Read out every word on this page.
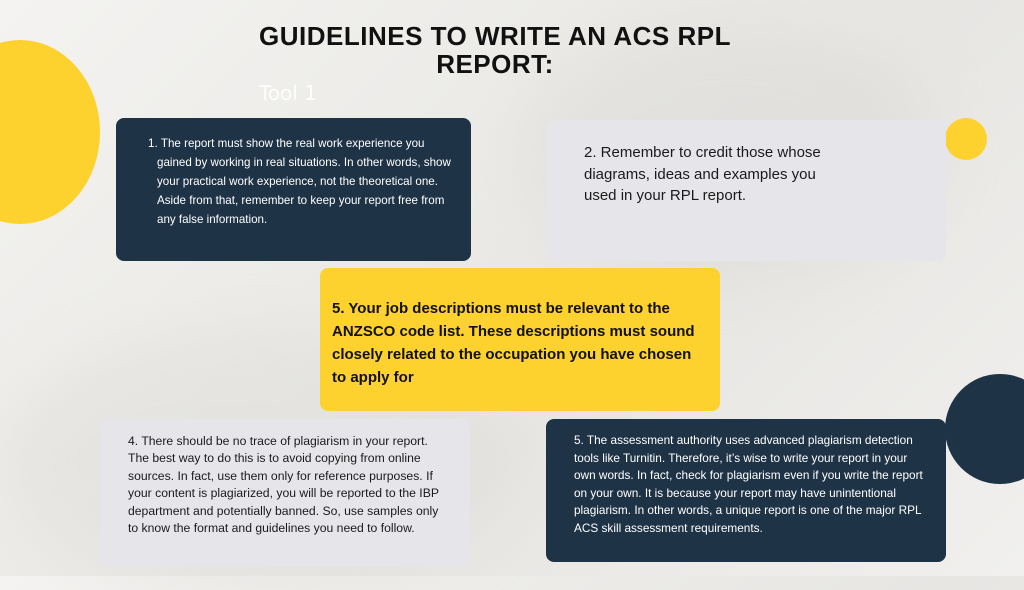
GUIDELINES TO WRITE AN ACS RPL REPORT:
Tool 1

1. The report must show the real work experience you gained by working in real situations. In other words, show your practical work experience, not the theoretical one. Aside from that, remember to keep your report free from any false information.

2. Remember to credit those whose diagrams, ideas and examples you used in your RPL report.

5. Your job descriptions must be relevant to the ANZSCO code list. These descriptions must sound closely related to the occupation you have chosen to apply for

4. There should be no trace of plagiarism in your report. The best way to do this is to avoid copying from online sources. In fact, use them only for reference purposes. If your content is plagiarized, you will be reported to the IBP department and potentially banned. So, use samples only to know the format and guidelines you need to follow.

5. The assessment authority uses advanced plagiarism detection tools like Turnitin. Therefore, it’s wise to write your report in your own words. In fact, check for plagiarism even if you write the report on your own. It is because your report may have unintentional plagiarism. In other words, a unique report is one of the major RPL ACS skill assessment requirements.
